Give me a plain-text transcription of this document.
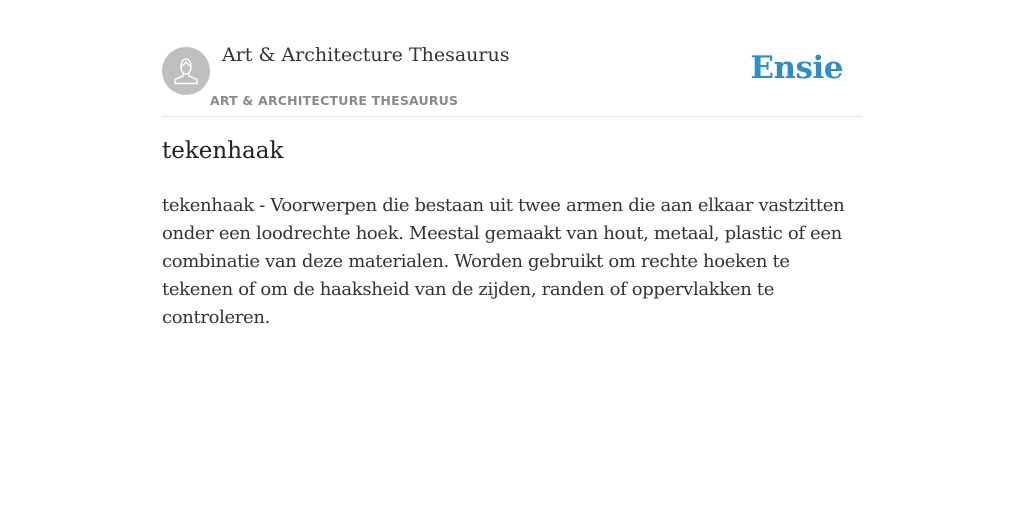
Art & Architecture Thesaurus
ART & ARCHITECTURE THESAURUS
Ensie
tekenhaak

tekenhaak - Voorwerpen die bestaan uit twee armen die aan elkaar vastzitten onder een loodrechte hoek. Meestal gemaakt van hout, metaal, plastic of een combinatie van deze materialen. Worden gebruikt om rechte hoeken te tekenen of om de haaksheid van de zijden, randen of oppervlakken te controleren.
